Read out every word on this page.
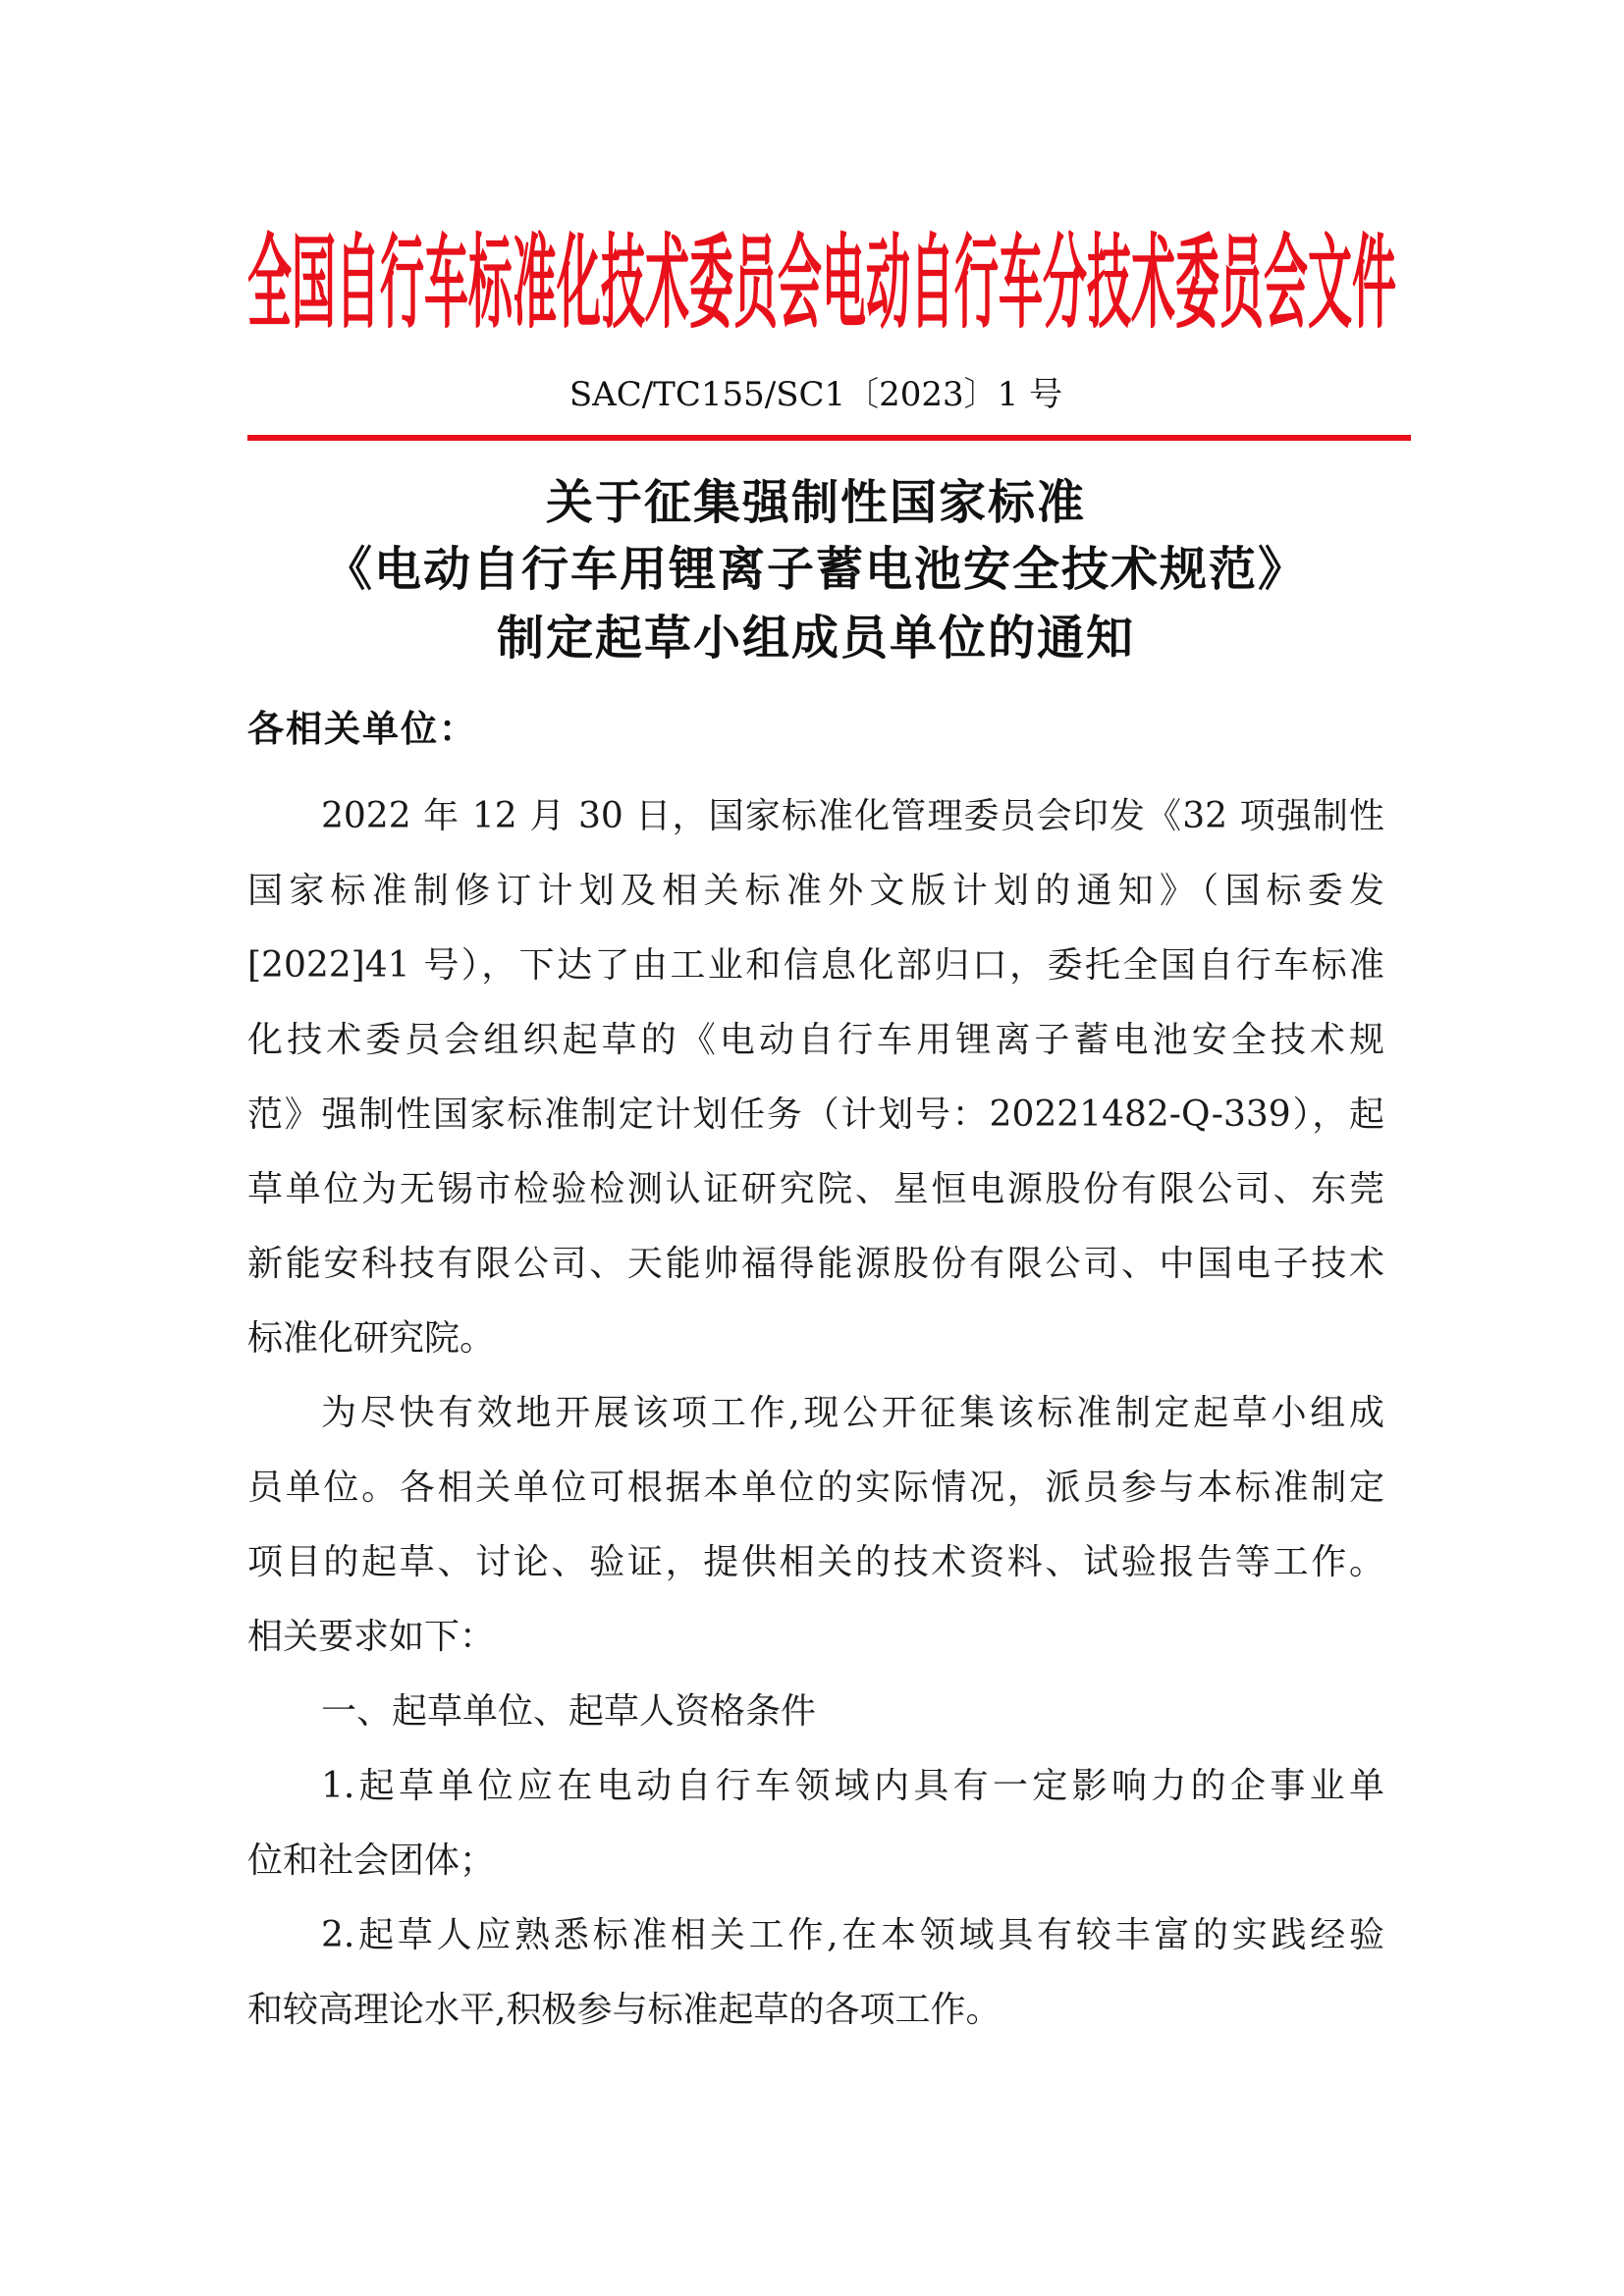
全国自行车标准化技术委员会电动自行车分技术委员会文件
SAC/TC155/SC1〔2023〕1 号
关于征集强制性国家标准
《电动自行车用锂离子蓄电池安全技术规范》
制定起草小组成员单位的通知
各相关单位：
2022 年 12 月 30 日，国家标准化管理委员会印发《32 项强制性
国家标准制修订计划及相关标准外文版计划的通知》（国标委发
[2022]41 号），下达了由工业和信息化部归口，委托全国自行车标准
化技术委员会组织起草的《电动自行车用锂离子蓄电池安全技术规
范》强制性国家标准制定计划任务（计划号：20221482-Q-339），起
草单位为无锡市检验检测认证研究院、星恒电源股份有限公司、东莞
新能安科技有限公司、天能帅福得能源股份有限公司、中国电子技术
标准化研究院。
为尽快有效地开展该项工作,现公开征集该标准制定起草小组成
员单位。各相关单位可根据本单位的实际情况，派员参与本标准制定
项目的起草、讨论、验证，提供相关的技术资料、试验报告等工作。
相关要求如下：
一、起草单位、起草人资格条件
1.起草单位应在电动自行车领域内具有一定影响力的企事业单
位和社会团体；
2.起草人应熟悉标准相关工作,在本领域具有较丰富的实践经验
和较高理论水平,积极参与标准起草的各项工作。
